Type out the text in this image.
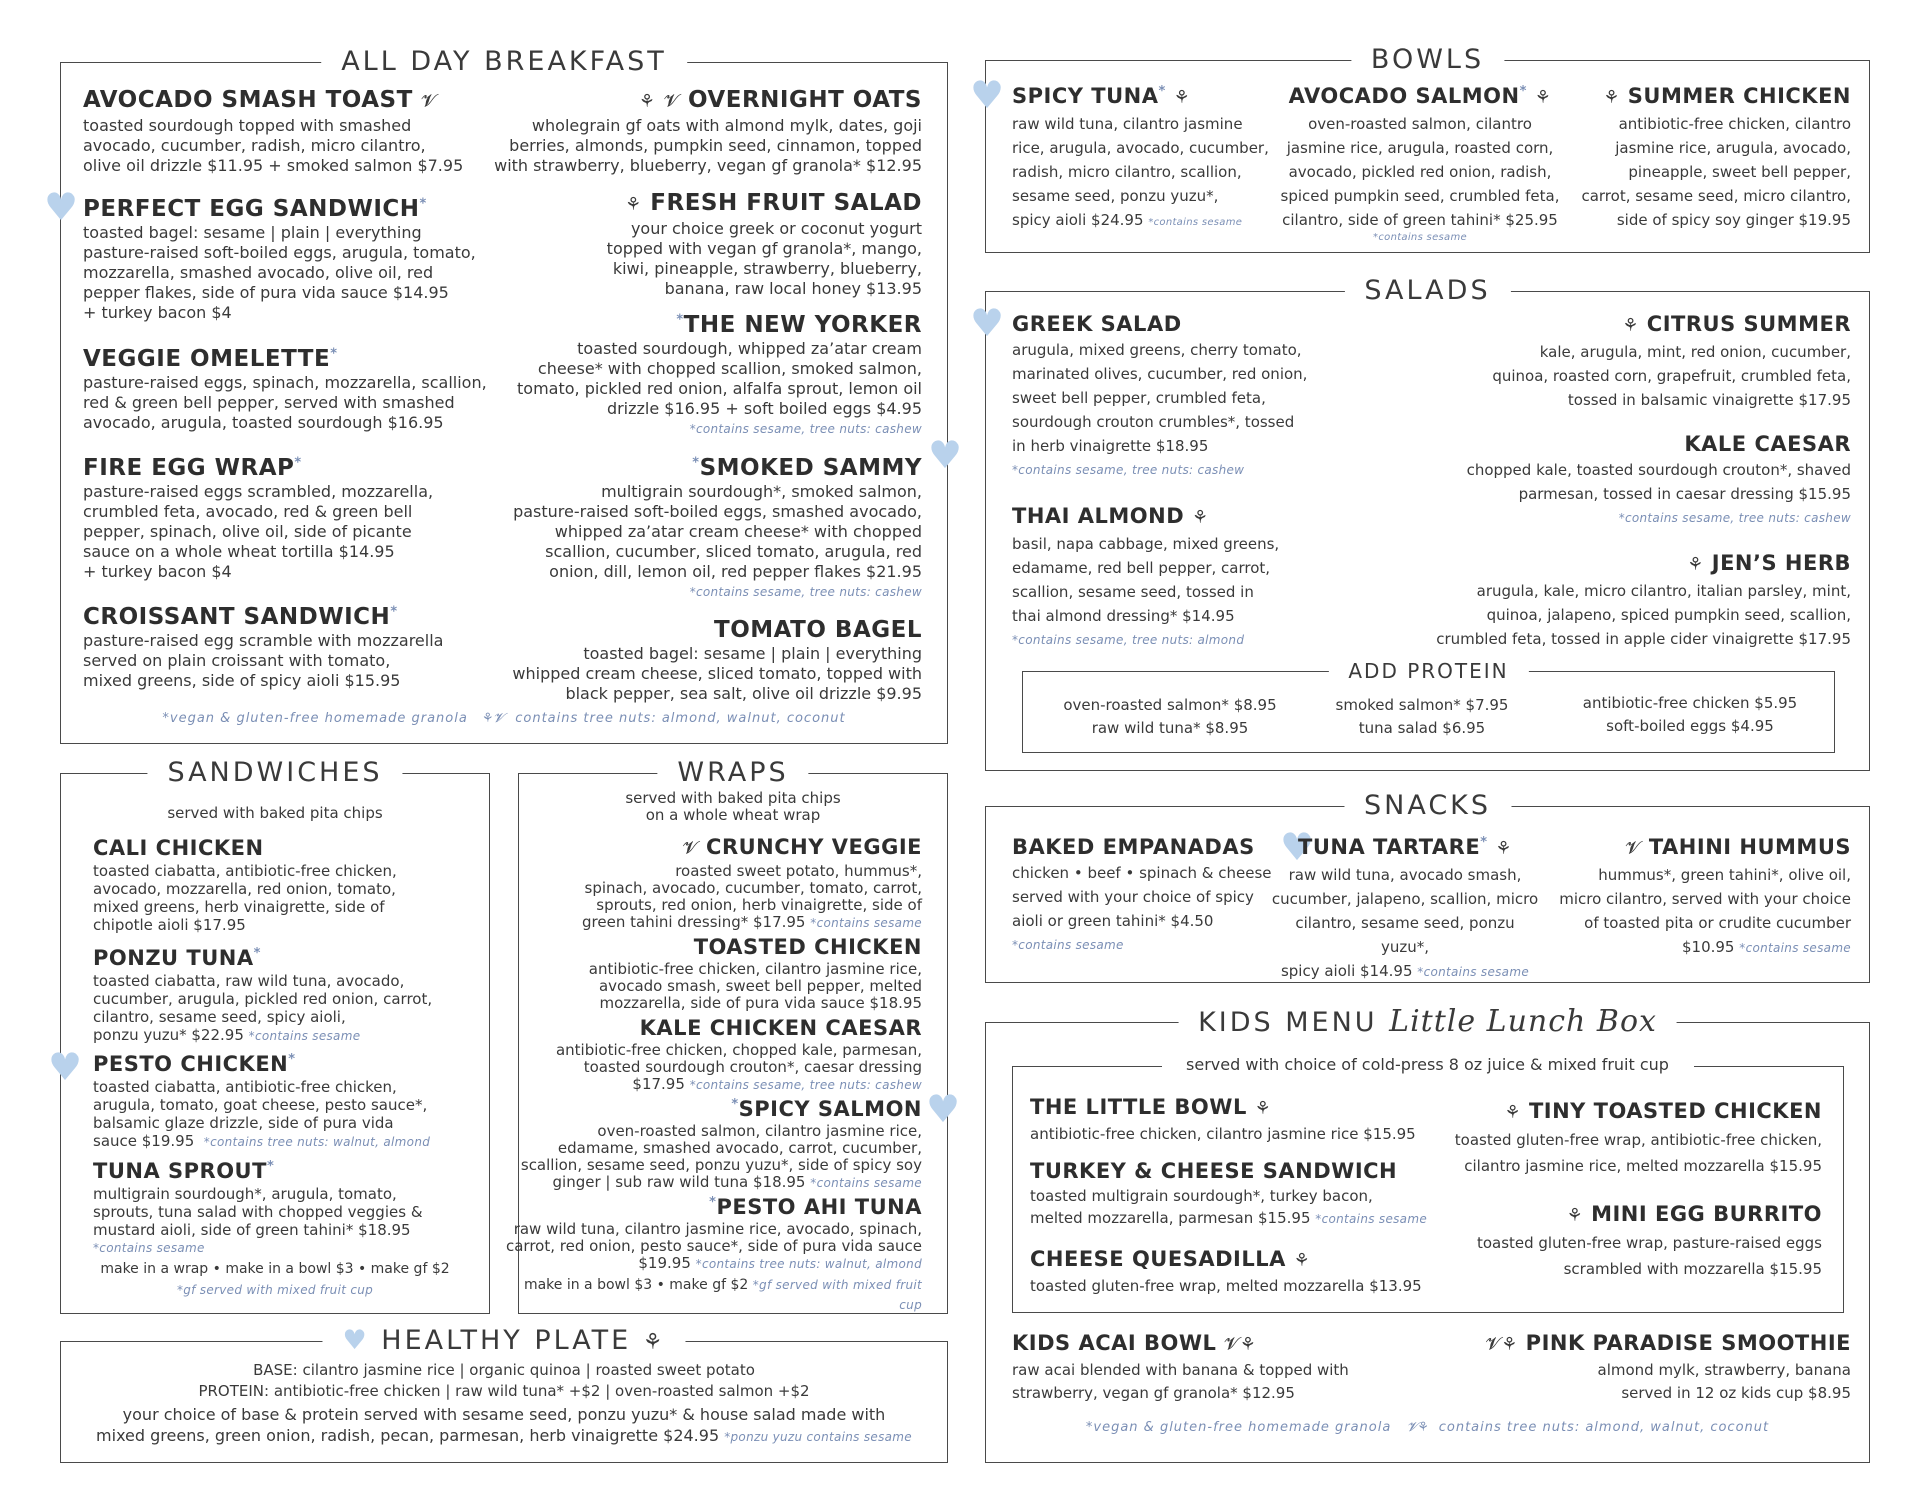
ALL DAY BREAKFAST
♥
♥
AVOCADO SMASH TOAST 𝓥
toasted sourdough topped with smashed
avocado, cucumber, radish, micro cilantro,
olive oil drizzle $11.95 + smoked salmon $7.95
PERFECT EGG SANDWICH*
toasted bagel: sesame | plain | everything
pasture-raised soft-boiled eggs, arugula, tomato,
mozzarella, smashed avocado, olive oil, red
pepper flakes, side of pura vida sauce $14.95
+ turkey bacon $4
VEGGIE OMELETTE*
pasture-raised eggs, spinach, mozzarella, scallion,
red & green bell pepper, served with smashed
avocado, arugula, toasted sourdough $16.95
FIRE EGG WRAP*
pasture-raised eggs scrambled, mozzarella,
crumbled feta, avocado, red & green bell
pepper, spinach, olive oil, side of picante
sauce on a whole wheat tortilla $14.95
+ turkey bacon $4
CROISSANT SANDWICH*
pasture-raised egg scramble with mozzarella
served on plain croissant with tomato,
mixed greens, side of spicy aioli $15.95
⚘ 𝓥 OVERNIGHT OATS
wholegrain gf oats with almond mylk, dates, goji
berries, almonds, pumpkin seed, cinnamon, topped
with strawberry, blueberry, vegan gf granola* $12.95
⚘ FRESH FRUIT SALAD
your choice greek or coconut yogurt
topped with vegan gf granola*, mango,
kiwi, pineapple, strawberry, blueberry,
banana, raw local honey $13.95
*THE NEW YORKER
toasted sourdough, whipped za’atar cream
cheese* with chopped scallion, smoked salmon,
tomato, pickled red onion, alfalfa sprout, lemon oil
drizzle $16.95 + soft boiled eggs $4.95
*contains sesame, tree nuts: cashew
*SMOKED SAMMY
multigrain sourdough*, smoked salmon,
pasture-raised soft-boiled eggs, smashed avocado,
whipped za’atar cream cheese* with chopped
scallion, cucumber, sliced tomato, arugula, red
onion, dill, lemon oil, red pepper flakes $21.95
*contains sesame, tree nuts: cashew
TOMATO BAGEL
toasted bagel: sesame | plain | everything
whipped cream cheese, sliced tomato, topped with
black pepper, sea salt, olive oil drizzle $9.95
*vegan & gluten-free homemade granola ⚘𝓥 contains tree nuts: almond, walnut, coconut
SANDWICHES
served with baked pita chips
♥
CALI CHICKEN
toasted ciabatta, antibiotic-free chicken,
avocado, mozzarella, red onion, tomato,
mixed greens, herb vinaigrette, side of
chipotle aioli $17.95
PONZU TUNA*
toasted ciabatta, raw wild tuna, avocado,
cucumber, arugula, pickled red onion, carrot,
cilantro, sesame seed, spicy aioli,
ponzu yuzu* $22.95 *contains sesame
PESTO CHICKEN*
toasted ciabatta, antibiotic-free chicken,
arugula, tomato, goat cheese, pesto sauce*,
balsamic glaze drizzle, side of pura vida
sauce $19.95 *contains tree nuts: walnut, almond
TUNA SPROUT*
multigrain sourdough*, arugula, tomato,
sprouts, tuna salad with chopped veggies &
mustard aioli, side of green tahini* $18.95
*contains sesame
make in a wrap • make in a bowl $3 • make gf $2
*gf served with mixed fruit cup
WRAPS
served with baked pita chips
on a whole wheat wrap
♥
𝓥 CRUNCHY VEGGIE
roasted sweet potato, hummus*,
spinach, avocado, cucumber, tomato, carrot,
sprouts, red onion, herb vinaigrette, side of
green tahini dressing* $17.95 *contains sesame
TOASTED CHICKEN
antibiotic-free chicken, cilantro jasmine rice,
avocado smash, sweet bell pepper, melted
mozzarella, side of pura vida sauce $18.95
KALE CHICKEN CAESAR
antibiotic-free chicken, chopped kale, parmesan,
toasted sourdough crouton*, caesar dressing
$17.95 *contains sesame, tree nuts: cashew
*SPICY SALMON
oven-roasted salmon, cilantro jasmine rice,
edamame, smashed avocado, carrot, cucumber,
scallion, sesame seed, ponzu yuzu*, side of spicy soy
ginger | sub raw wild tuna $18.95 *contains sesame
*PESTO AHI TUNA
raw wild tuna, cilantro jasmine rice, avocado, spinach,
carrot, red onion, pesto sauce*, side of pura vida sauce
$19.95 *contains tree nuts: walnut, almond
make in a bowl $3 • make gf $2 *gf served with mixed fruit cup
♥ HEALTHY PLATE ⚘
BASE: cilantro jasmine rice | organic quinoa | roasted sweet potato
PROTEIN: antibiotic-free chicken | raw wild tuna* +$2 | oven-roasted salmon +$2
your choice of base & protein served with sesame seed, ponzu yuzu* & house salad made with
mixed greens, green onion, radish, pecan, parmesan, herb vinaigrette $24.95 *ponzu yuzu contains sesame
BOWLS
♥ SPICY TUNA* ⚘
raw wild tuna, cilantro jasmine
rice, arugula, avocado, cucumber,
radish, micro cilantro, scallion,
sesame seed, ponzu yuzu*,
spicy aioli $24.95 *contains sesame
AVOCADO SALMON* ⚘
oven-roasted salmon, cilantro
jasmine rice, arugula, roasted corn,
avocado, pickled red onion, radish,
spiced pumpkin seed, crumbled feta,
cilantro, side of green tahini* $25.95
*contains sesame
⚘ SUMMER CHICKEN
antibiotic-free chicken, cilantro
jasmine rice, arugula, avocado,
pineapple, sweet bell pepper,
carrot, sesame seed, micro cilantro,
side of spicy soy ginger $19.95
SALADS
♥ GREEK SALAD
arugula, mixed greens, cherry tomato,
marinated olives, cucumber, red onion,
sweet bell pepper, crumbled feta,
sourdough crouton crumbles*, tossed
in herb vinaigrette $18.95
*contains sesame, tree nuts: cashew
THAI ALMOND ⚘
basil, napa cabbage, mixed greens,
edamame, red bell pepper, carrot,
scallion, sesame seed, tossed in
thai almond dressing* $14.95
*contains sesame, tree nuts: almond
⚘ CITRUS SUMMER
kale, arugula, mint, red onion, cucumber,
quinoa, roasted corn, grapefruit, crumbled feta,
tossed in balsamic vinaigrette $17.95
KALE CAESAR
chopped kale, toasted sourdough crouton*, shaved
parmesan, tossed in caesar dressing $15.95
*contains sesame, tree nuts: cashew
⚘ JEN’S HERB
arugula, kale, micro cilantro, italian parsley, mint,
quinoa, jalapeno, spiced pumpkin seed, scallion,
crumbled feta, tossed in apple cider vinaigrette $17.95
ADD PROTEIN
oven-roasted salmon* $8.95
raw wild tuna* $8.95
smoked salmon* $7.95
tuna salad $6.95
antibiotic-free chicken $5.95
soft-boiled eggs $4.95
SNACKS
♥
BAKED EMPANADAS
chicken • beef • spinach & cheese
served with your choice of spicy
aioli or green tahini* $4.50
*contains sesame
TUNA TARTARE* ⚘
raw wild tuna, avocado smash,
cucumber, jalapeno, scallion, micro
cilantro, sesame seed, ponzu yuzu*,
spicy aioli $14.95 *contains sesame
𝓥 TAHINI HUMMUS
hummus*, green tahini*, olive oil,
micro cilantro, served with your choice
of toasted pita or crudite cucumber
$10.95 *contains sesame
KIDS MENU Little Lunch Box
served with choice of cold-press 8 oz juice & mixed fruit cup
THE LITTLE BOWL ⚘
antibiotic-free chicken, cilantro jasmine rice $15.95
TURKEY & CHEESE SANDWICH
toasted multigrain sourdough*, turkey bacon,
melted mozzarella, parmesan $15.95 *contains sesame
CHEESE QUESADILLA ⚘
toasted gluten-free wrap, melted mozzarella $13.95
⚘ TINY TOASTED CHICKEN
toasted gluten-free wrap, antibiotic-free chicken,
cilantro jasmine rice, melted mozzarella $15.95
⚘ MINI EGG BURRITO
toasted gluten-free wrap, pasture-raised eggs
scrambled with mozzarella $15.95
KIDS ACAI BOWL 𝓥⚘
raw acai blended with banana & topped with
strawberry, vegan gf granola* $12.95
𝓥⚘ PINK PARADISE SMOOTHIE
almond mylk, strawberry, banana
served in 12 oz kids cup $8.95
*vegan & gluten-free homemade granola 𝓥⚘ contains tree nuts: almond, walnut, coconut
